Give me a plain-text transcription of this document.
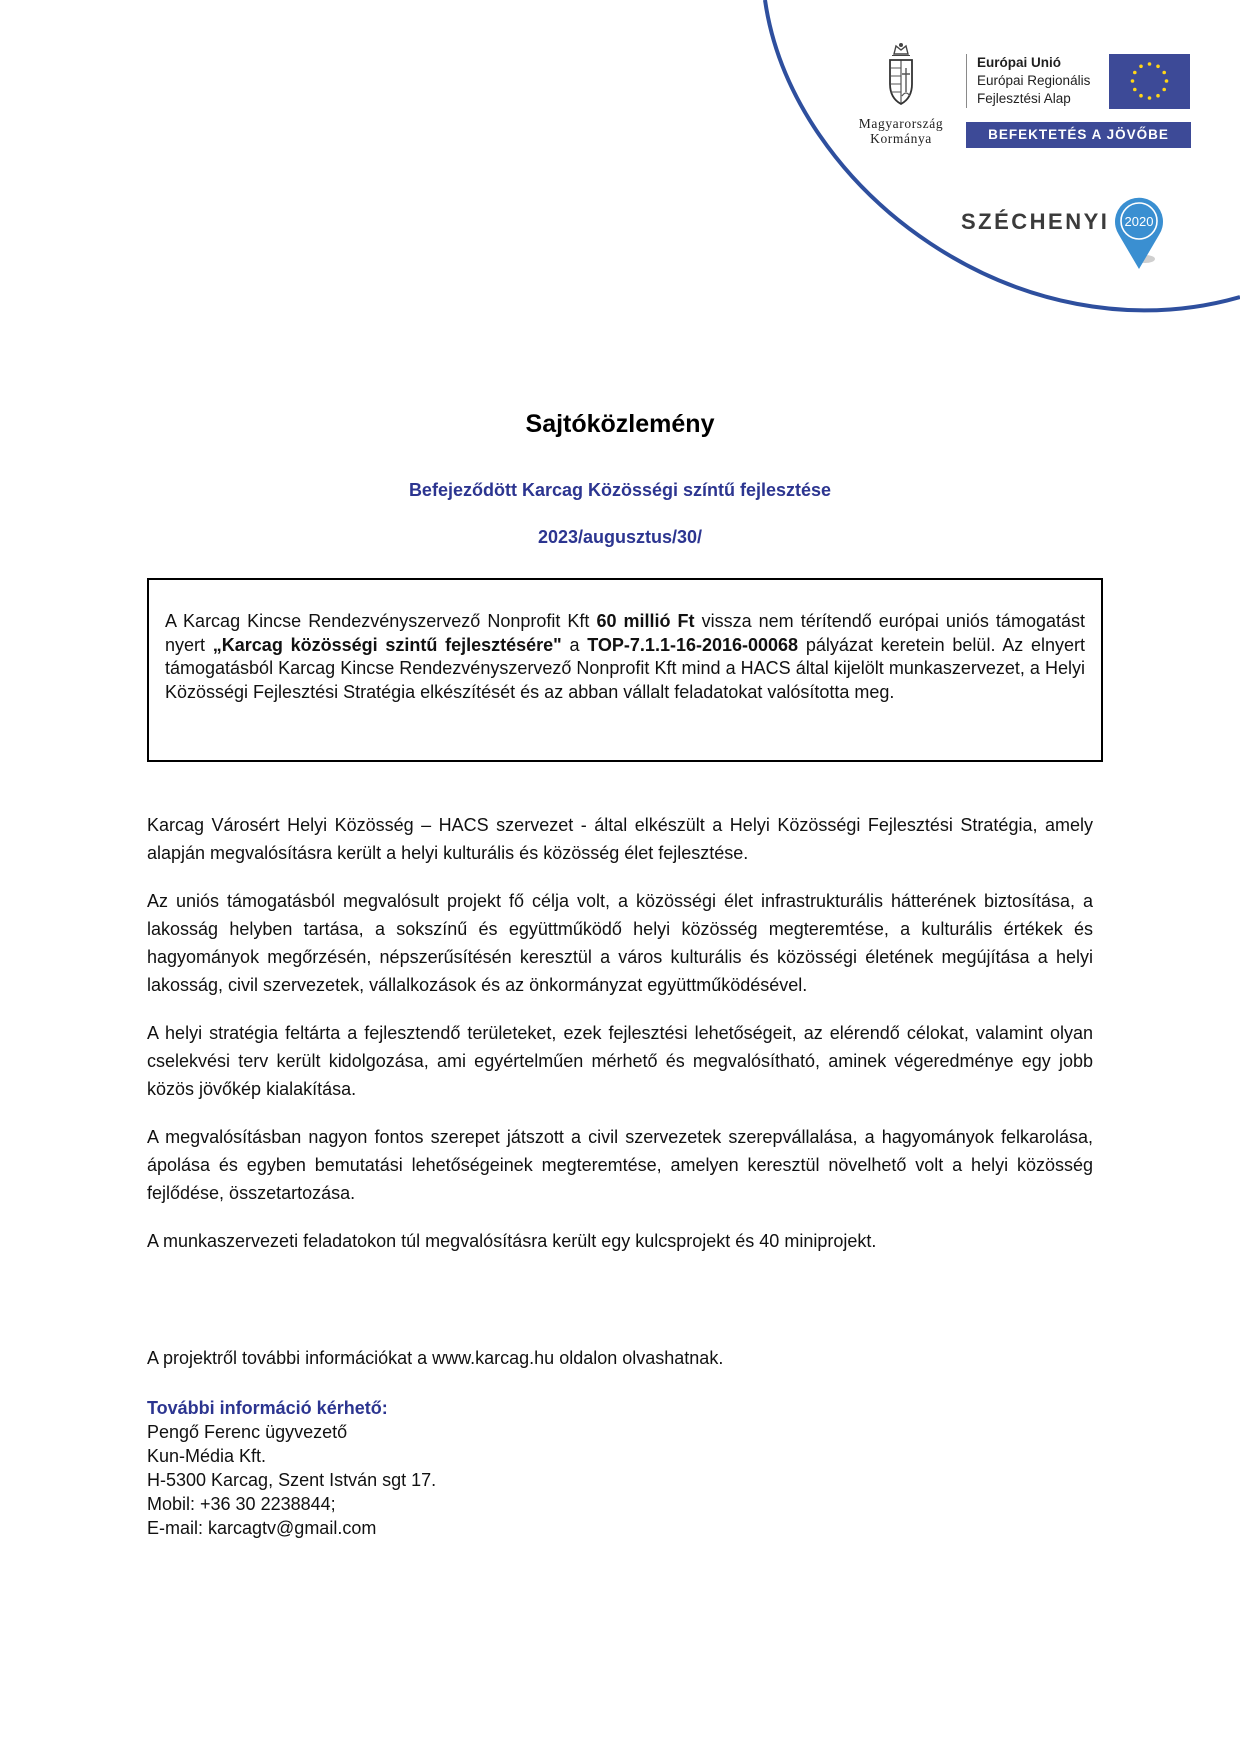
Magyarország
Kormánya
Európai Unió
Európai Regionális
Fejlesztési Alap
BEFEKTETÉS A JÖVŐBE
SZÉCHENYI 2020
Sajtóközlemény
Befejeződött Karcag Közösségi színtű fejlesztése
2023/augusztus/30/

A Karcag Kincse Rendezvényszervező Nonprofit Kft 60 millió Ft vissza nem térítendő európai uniós támogatást nyert „Karcag közösségi szintű fejlesztésére" a TOP-7.1.1-16-2016-00068 pályázat keretein belül. Az elnyert támogatásból Karcag Kincse Rendezvényszervező Nonprofit Kft mind a HACS által kijelölt munkaszervezet, a Helyi Közösségi Fejlesztési Stratégia elkészítését és az abban vállalt feladatokat valósította meg.

Karcag Városért Helyi Közösség – HACS szervezet - által elkészült a Helyi Közösségi Fejlesztési Stratégia, amely alapján megvalósításra került a helyi kulturális és közösség élet fejlesztése.

Az uniós támogatásból megvalósult projekt fő célja volt, a közösségi élet infrastrukturális hátterének biztosítása, a lakosság helyben tartása, a sokszínű és együttműködő helyi közösség megteremtése, a kulturális értékek és hagyományok megőrzésén, népszerűsítésén keresztül a város kulturális és közösségi életének megújítása a helyi lakosság, civil szervezetek, vállalkozások és az önkormányzat együttműködésével.

A helyi stratégia feltárta a fejlesztendő területeket, ezek fejlesztési lehetőségeit, az elérendő célokat, valamint olyan cselekvési terv került kidolgozása, ami egyértelműen mérhető és megvalósítható, aminek végeredménye egy jobb közös jövőkép kialakítása.

A megvalósításban nagyon fontos szerepet játszott a civil szervezetek szerepvállalása, a hagyományok felkarolása, ápolása és egyben bemutatási lehetőségeinek megteremtése, amelyen keresztül növelhető volt a helyi közösség fejlődése, összetartozása.

A munkaszervezeti feladatokon túl megvalósításra került egy kulcsprojekt és 40 miniprojekt.

A projektről további információkat a www.karcag.hu oldalon olvashatnak.

További információ kérhető:
Pengő Ferenc ügyvezető
Kun-Média Kft.
H-5300 Karcag, Szent István sgt 17.
Mobil: +36 30 2238844;
E-mail: karcagtv@gmail.com
